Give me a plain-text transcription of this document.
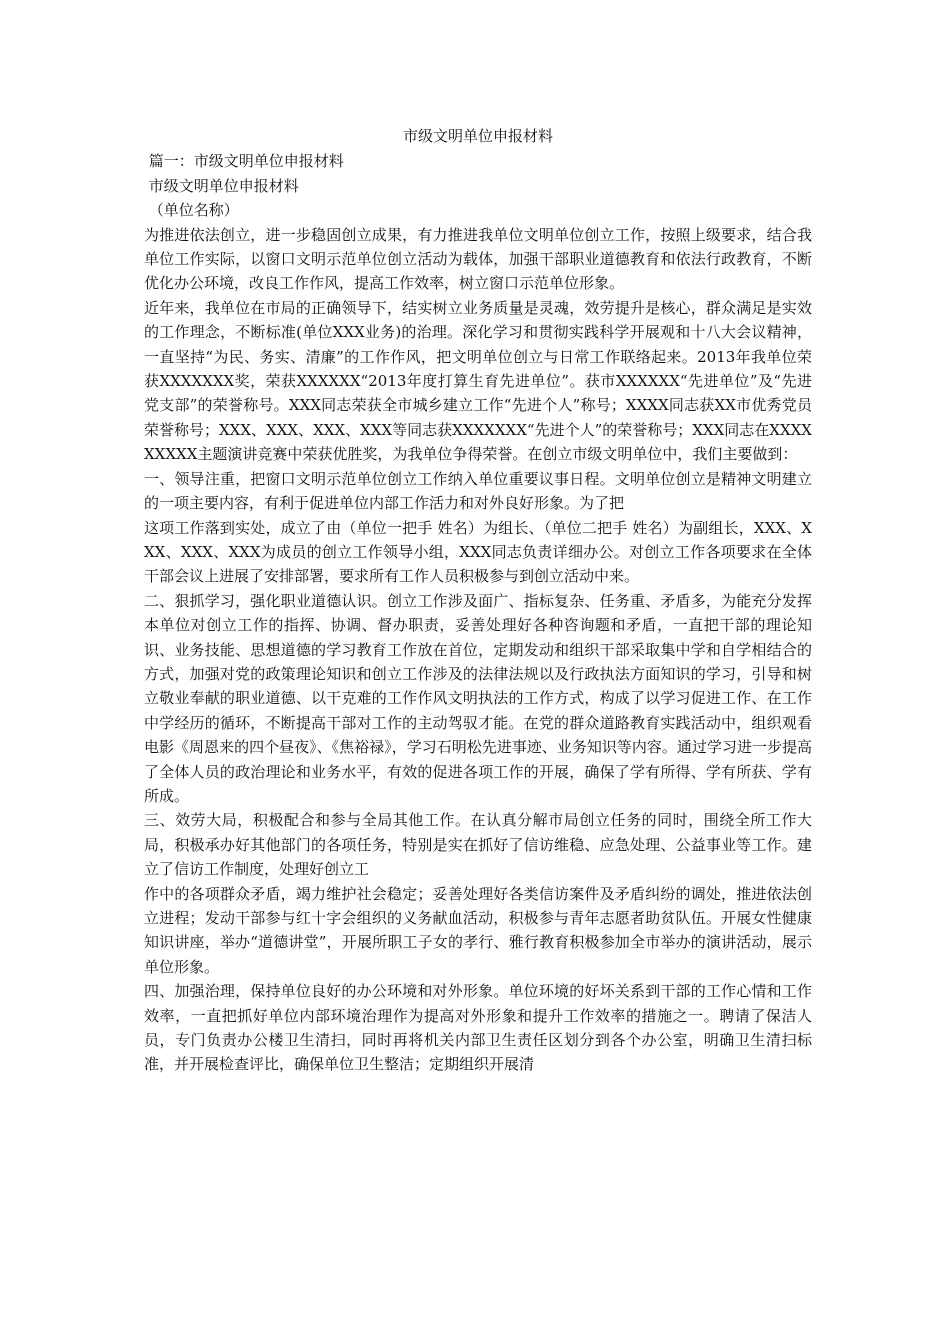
市级文明单位申报材料
篇一：市级文明单位申报材料
市级文明单位申报材料
（单位名称）

为推进依法创立，进一步稳固创立成果，有力推进我单位文明单位创立工作，按照上级要求，结合我单位工作实际，以窗口文明示范单位创立活动为载体，加强干部职业道德教育和依法行政教育，不断优化办公环境，改良工作作风，提高工作效率，树立窗口示范单位形象。

近年来，我单位在市局的正确领导下，结实树立业务质量是灵魂，效劳提升是核心，群众满足是实效的工作理念，不断标准(单位XXX业务)的治理。深化学习和贯彻实践科学开展观和十八大会议精神，一直坚持“为民、务实、清廉”的工作作风，把文明单位创立与日常工作联络起来。2013年我单位荣获XXXXXXX奖，荣获XXXXXX“2013年度打算生育先进单位”。获市XXXXXX“先进单位”及“先进党支部”的荣誉称号。XXX同志荣获全市城乡建立工作“先进个人”称号；XXXX同志获XX市优秀党员荣誉称号；XXX、XXX、XXX、XXX等同志获XXXXXXX“先进个人”的荣誉称号；XXX同志在XXXXXXXXX主题演讲竞赛中荣获优胜奖，为我单位争得荣誉。在创立市级文明单位中，我们主要做到：

一、领导注重，把窗口文明示范单位创立工作纳入单位重要议事日程。文明单位创立是精神文明建立的一项主要内容，有利于促进单位内部工作活力和对外良好形象。为了把

这项工作落到实处，成立了由（单位一把手 姓名）为组长、（单位二把手 姓名）为副组长，XXX、XXX、XXX、XXX为成员的创立工作领导小组，XXX同志负责详细办公。对创立工作各项要求在全体干部会议上进展了安排部署，要求所有工作人员积极参与到创立活动中来。

二、狠抓学习，强化职业道德认识。创立工作涉及面广、指标复杂、任务重、矛盾多，为能充分发挥本单位对创立工作的指挥、协调、督办职责，妥善处理好各种咨询题和矛盾，一直把干部的理论知识、业务技能、思想道德的学习教育工作放在首位，定期发动和组织干部采取集中学和自学相结合的方式，加强对党的政策理论知识和创立工作涉及的法律法规以及行政执法方面知识的学习，引导和树立敬业奉献的职业道德、以干克难的工作作风文明执法的工作方式，构成了以学习促进工作、在工作中学经历的循环，不断提高干部对工作的主动驾驭才能。在党的群众道路教育实践活动中，组织观看电影《周恩来的四个昼夜》、《焦裕禄》，学习石明松先进事迹、业务知识等内容。通过学习进一步提高了全体人员的政治理论和业务水平，有效的促进各项工作的开展，确保了学有所得、学有所获、学有所成。

三、效劳大局，积极配合和参与全局其他工作。在认真分解市局创立任务的同时，围绕全所工作大局，积极承办好其他部门的各项任务，特别是实在抓好了信访维稳、应急处理、公益事业等工作。建立了信访工作制度，处理好创立工

作中的各项群众矛盾，竭力维护社会稳定；妥善处理好各类信访案件及矛盾纠纷的调处，推进依法创立进程；发动干部参与红十字会组织的义务献血活动，积极参与青年志愿者助贫队伍。开展女性健康知识讲座，举办“道德讲堂”，开展所职工子女的孝行、雅行教育积极参加全市举办的演讲活动，展示单位形象。

四、加强治理，保持单位良好的办公环境和对外形象。单位环境的好坏关系到干部的工作心情和工作效率，一直把抓好单位内部环境治理作为提高对外形象和提升工作效率的措施之一。聘请了保洁人员，专门负责办公楼卫生清扫，同时再将机关内部卫生责任区划分到各个办公室，明确卫生清扫标准，并开展检查评比，确保单位卫生整洁；定期组织开展清
